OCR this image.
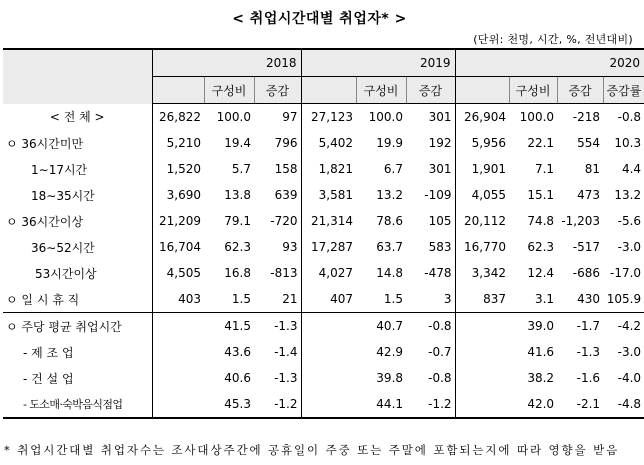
< 취업시간대별 취업자* >
(단위: 천명, 시간, %, 전년대비)
	2018			2019			2020			
		구성비	증감		구성비	증감		구성비	증감	증감률
< 전 체 >	26,822	100.0	97	27,123	100.0	301	26,904	100.0	-218	-0.8
ㅇ 36시간미만	5,210	19.4	796	5,402	19.9	192	5,956	22.1	554	10.3
1∼17시간	1,520	5.7	158	1,821	6.7	301	1,901	7.1	81	4.4
18∼35시간	3,690	13.8	639	3,581	13.2	-109	4,055	15.1	473	13.2
ㅇ 36시간이상	21,209	79.1	-720	21,314	78.6	105	20,112	74.8	-1,203	-5.6
36∼52시간	16,704	62.3	93	17,287	63.7	583	16,770	62.3	-517	-3.0
53시간이상	4,505	16.8	-813	4,027	14.8	-478	3,342	12.4	-686	-17.0
ㅇ 일 시 휴 직	403	1.5	21	407	1.5	3	837	3.1	430	105.9
ㅇ 주당 평균 취업시간		41.5	-1.3		40.7	-0.8		39.0	-1.7	-4.2
- 제 조 업		43.6	-1.4		42.9	-0.7		41.6	-1.3	-3.0
- 건 설 업		40.6	-1.3		39.8	-0.8		38.2	-1.6	-4.0
- 도소매·숙박음식점업		45.3	-1.2		44.1	-1.2		42.0	-2.1	-4.8
* 취업시간대별 취업자수는 조사대상주간에 공휴일이 주중 또는 주말에 포함되는지에 따라 영향을 받음
